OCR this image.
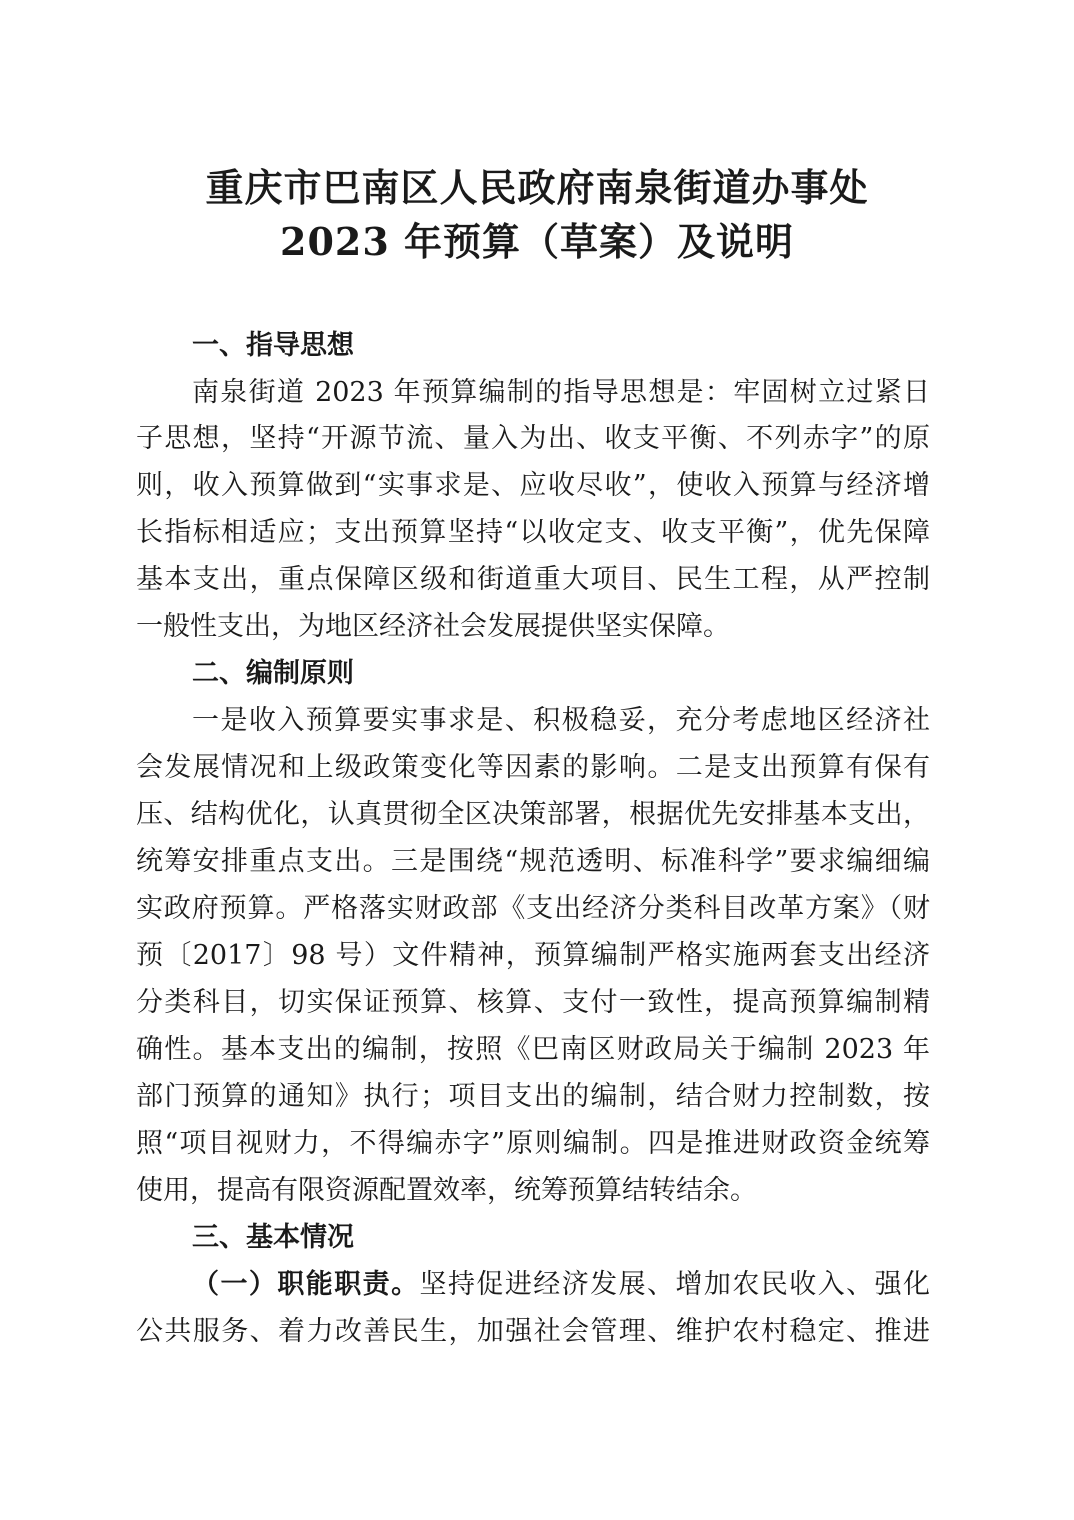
重庆市巴南区人民政府南泉街道办事处
2023 年预算（草案）及说明
一、指导思想
南泉街道 2023 年预算编制的指导思想是：牢固树立过紧日
子思想，坚持“开源节流、量入为出、收支平衡、不列赤字”的原
则，收入预算做到“实事求是、应收尽收”，使收入预算与经济增
长指标相适应；支出预算坚持“以收定支、收支平衡”，优先保障
基本支出，重点保障区级和街道重大项目、民生工程，从严控制
一般性支出，为地区经济社会发展提供坚实保障。
二、编制原则
一是收入预算要实事求是、积极稳妥，充分考虑地区经济社
会发展情况和上级政策变化等因素的影响。二是支出预算有保有
压、结构优化，认真贯彻全区决策部署，根据优先安排基本支出，
统筹安排重点支出。三是围绕“规范透明、标准科学”要求编细编
实政府预算。严格落实财政部《支出经济分类科目改革方案》（财
预〔2017〕98 号）文件精神，预算编制严格实施两套支出经济
分类科目，切实保证预算、核算、支付一致性，提高预算编制精
确性。基本支出的编制，按照《巴南区财政局关于编制 2023 年
部门预算的通知》执行；项目支出的编制，结合财力控制数，按
照“项目视财力，不得编赤字”原则编制。四是推进财政资金统筹
使用，提高有限资源配置效率，统筹预算结转结余。
三、基本情况
（一）职能职责。坚持促进经济发展、增加农民收入、强化
公共服务、着力改善民生，加强社会管理、维护农村稳定、推进
